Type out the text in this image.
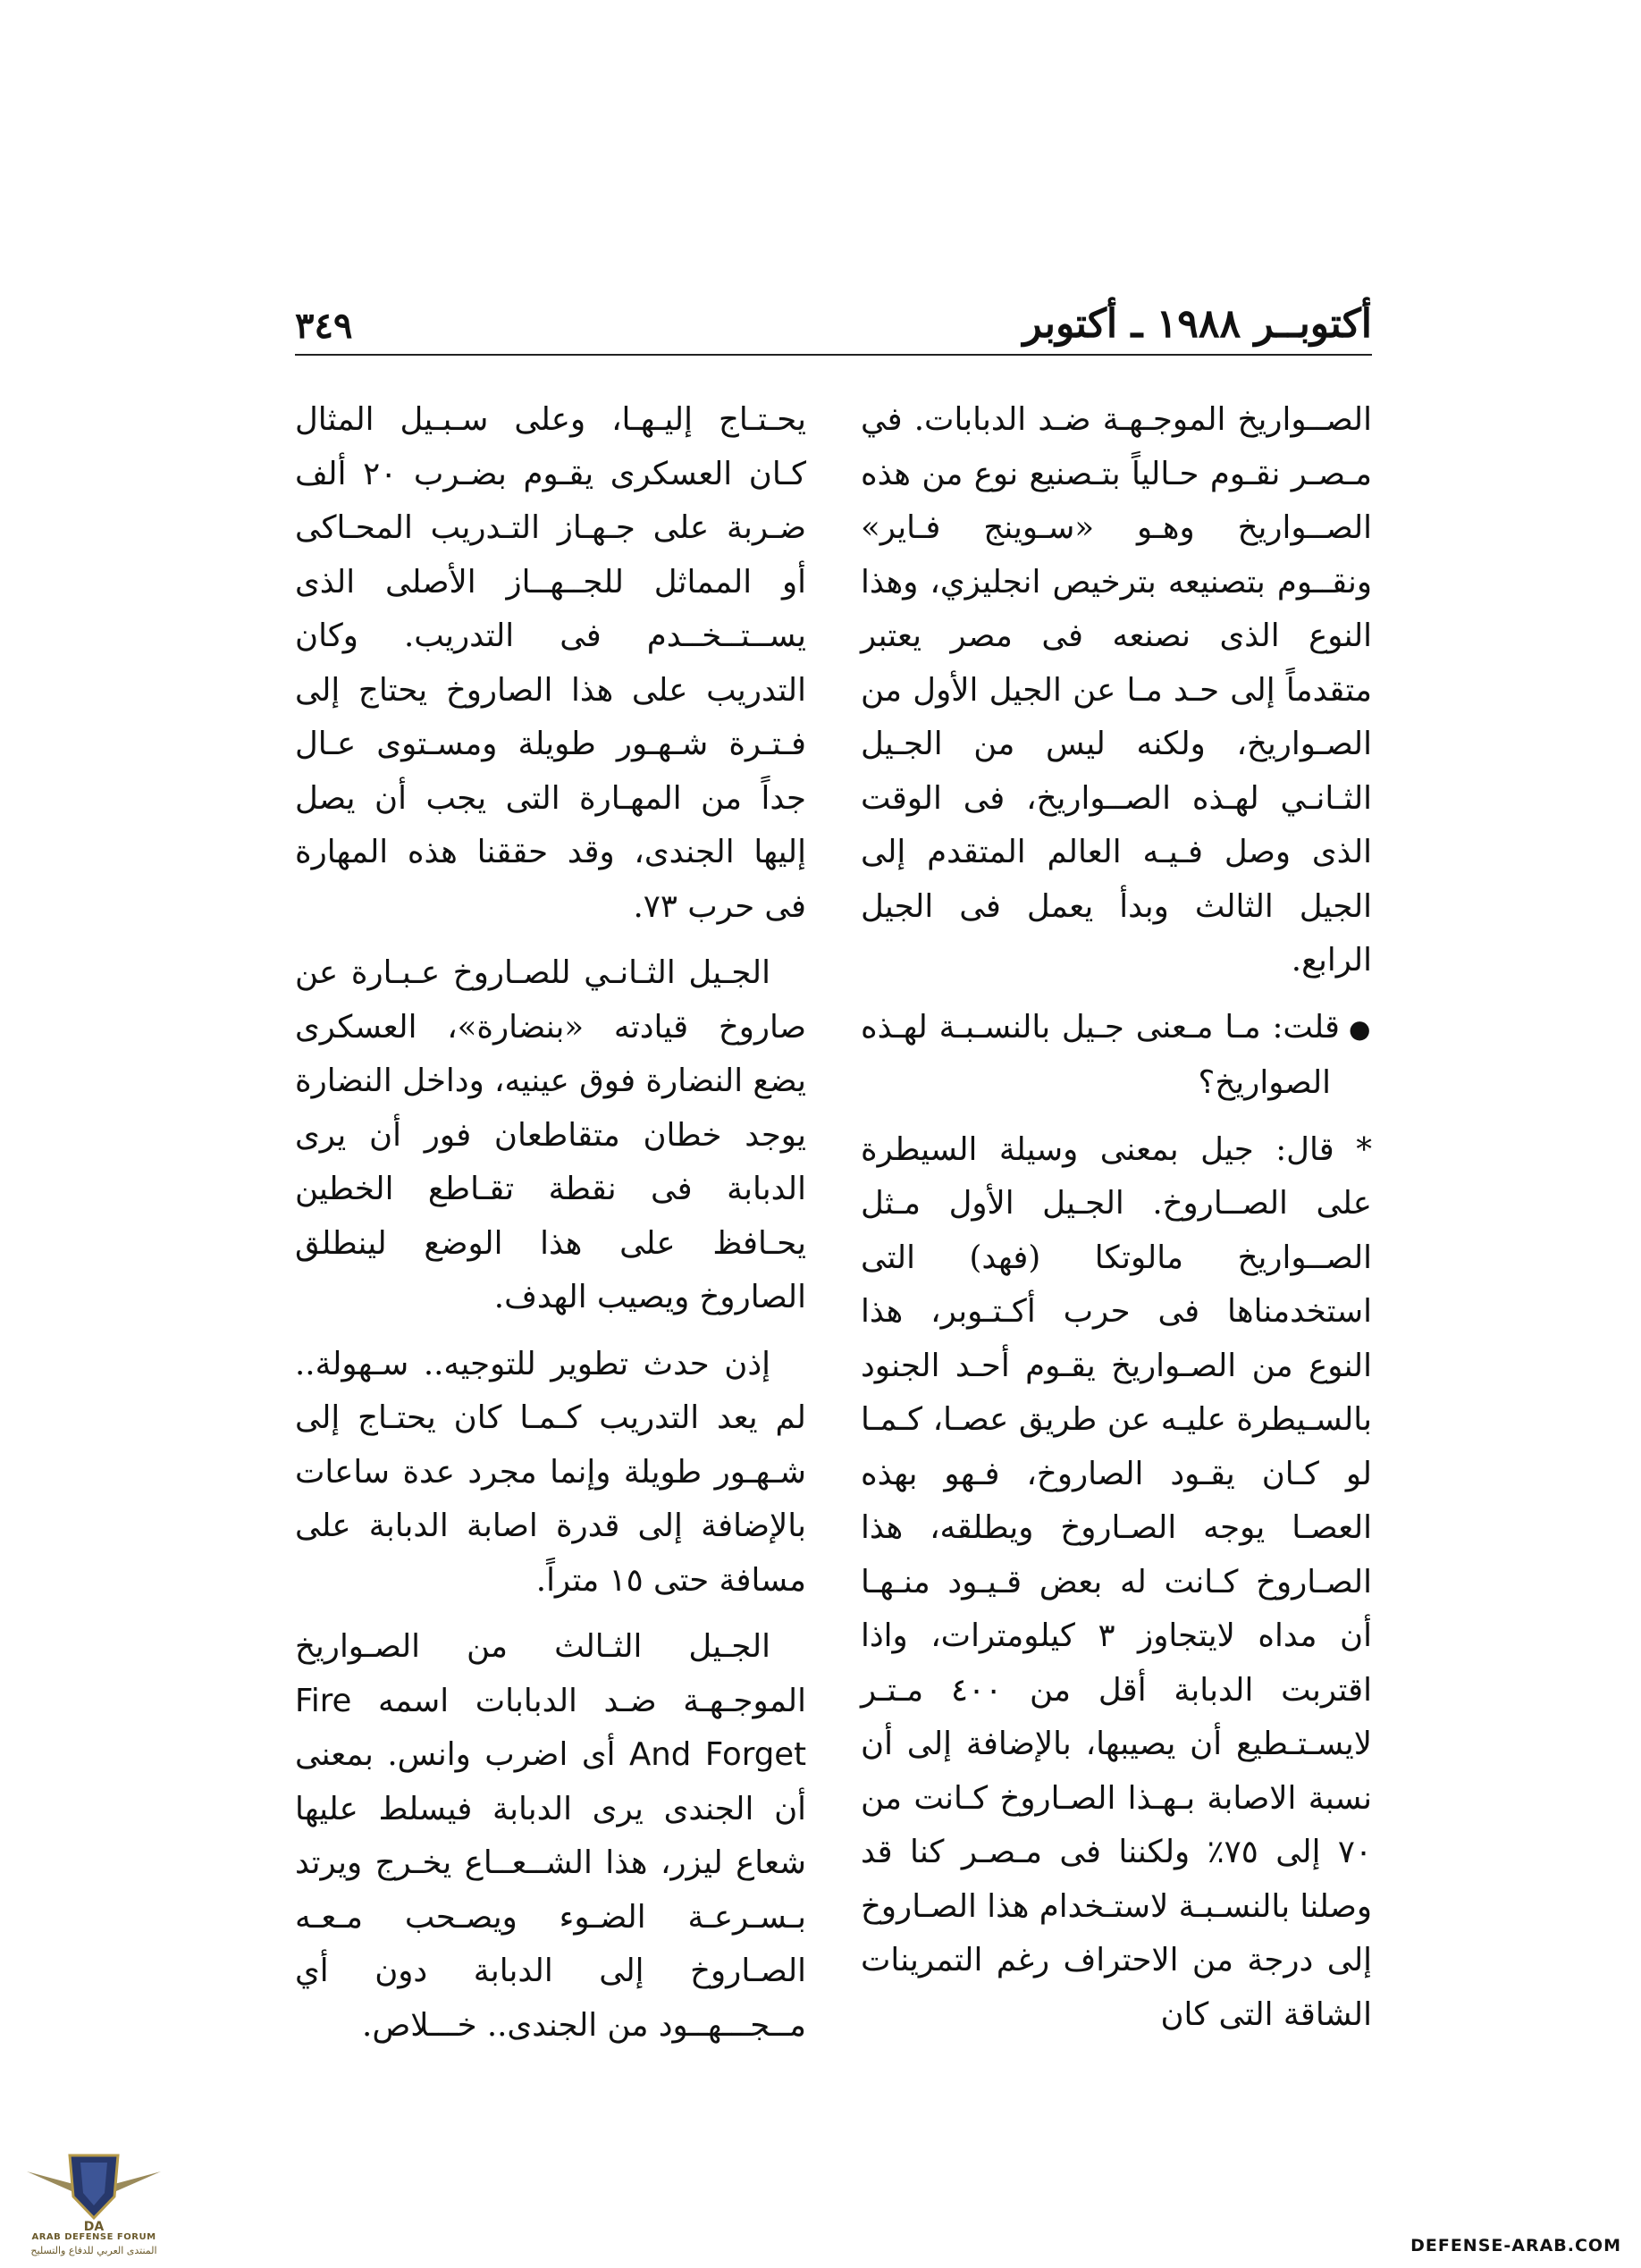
أكتوبــر ١٩٨٨ ـ أكتوبر
٣٤٩

الصــواريخ الموجـهـة ضـد الدبابات. في مـصـر نقـوم حـالياً بتـصنيع نوع من هذه الصــواريخ وهـو «سـوينج فـاير» ونقــوم بتصنيعه بترخيص انجليزي، وهذا النوع الذى نصنعه فى مصر يعتبر متقدماً إلى حـد مـا عن الجيل الأول من الصـواريخ، ولكنه ليس من الجـيل الثـانـي لهـذه الصــواريخ، فى الوقت الذى وصل فـيـه العالم المتقدم إلى الجيل الثالث وبدأ يعمل فى الجيل الرابع.

●قلت: مـا مـعنى جـيل بالنسـبـة لهـذه الصواريخ؟

* قال: جيل بمعنى وسيلة السيطرة على الصــاروخ. الجـيل الأول مـثل الصــواريخ مالوتكا (فهد) التى استخدمناها فى حرب أكـتـوبر، هذا النوع من الصـواريخ يقـوم أحـد الجنود بالسـيطرة عليـه عن طريق عصـا، كـمـا لو كـان يقـود الصاروخ، فـهو بهذه العصـا يوجه الصـاروخ ويطلقه، هذا الصـاروخ كـانت له بعض قـيـود منـهـا أن مداه لايتجاوز ٣ كيلومترات، واذا اقتربت الدبابة أقل من ٤٠٠ مـتـر لايسـتـطيع أن يصيبها، بالإضافة إلى أن نسبة الاصابة بـهـذا الصـاروخ كـانت من ٧٠ إلى ٧٥٪ ولكننا فى مـصـر كنا قد وصلنا بالنسـبـة لاستـخدام هذا الصـاروخ إلى درجة من الاحتراف رغم التمرينات الشاقة التى كان

يحـتـاج إليـهـا، وعلى سـبـيل المثال كـان العسكرى يقـوم بضـرب ٢٠ ألف ضـربة على جـهـاز التـدريب المحـاكى أو المماثل للجــهــاز الأصلى الذى يســتــخــدم فى التدريب. وكان التدريب على هذا الصاروخ يحتاج إلى فـتـرة شـهـور طويلة ومسـتوى عـال جداً من المهـارة التى يجب أن يصل إليها الجندى، وقد حققنا هذه المهارة فى حرب ٧٣.

الجـيل الثـانـي للصـاروخ عـبـارة عن صاروخ قيادته «بنضارة»، العسكرى يضع النضارة فوق عينيه، وداخل النضارة يوجد خطان متقاطعان فور أن يرى الدبابة فى نقطة تقـاطع الخطين يحـافظ على هذا الوضع لينطلق الصاروخ ويصيب الهدف.

إذن حدث تطوير للتوجيه.. سـهولة.. لم يعد التدريب كـمـا كان يحتـاج إلى شـهـور طويلة وإنما مجرد عدة ساعات بالإضافة إلى قدرة اصابة الدبابة على مسافة حتى ١٥ متراً.

الجـيل الثـالث من الصـواريخ الموجـهـة ضـد الدبابات اسمه Fire And Forget أى اضرب وانس. بمعنى أن الجندى يرى الدبابة فيسلط عليها شعاع ليزر، هذا الشــعــاع يخـرج ويرتد بـسـرعـة الضـوء ويصـحب مـعـه الصـاروخ إلى الدبابة دون أي مــجـــهــود من الجندى.. خـــلاص.

DA
ARAB DEFENSE FORUM
المنتدى العربي للدفاع والتسليح	DEFENSE-ARAB.COM
